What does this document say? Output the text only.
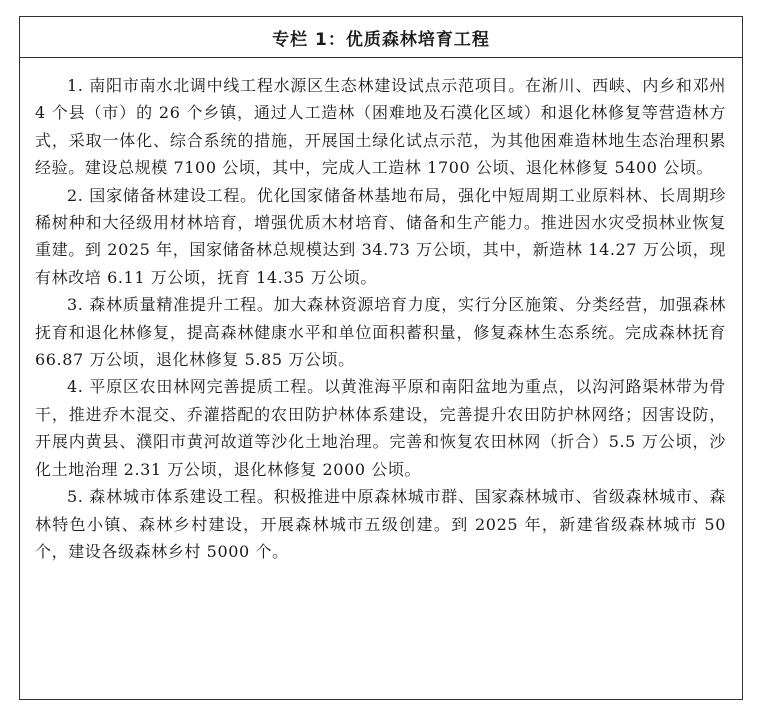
专栏 1：优质森林培育工程

1. 南阳市南水北调中线工程水源区生态林建设试点示范项目。在淅川、西峡、内乡和邓州 4 个县（市）的 26 个乡镇，通过人工造林（困难地及石漠化区域）和退化林修复等营造林方式，采取一体化、综合系统的措施，开展国土绿化试点示范，为其他困难造林地生态治理积累经验。建设总规模 7100 公顷，其中，完成人工造林 1700 公顷、退化林修复 5400 公顷。

2. 国家储备林建设工程。优化国家储备林基地布局，强化中短周期工业原料林、长周期珍稀树种和大径级用材林培育，增强优质木材培育、储备和生产能力。推进因水灾受损林业恢复重建。到 2025 年，国家储备林总规模达到 34.73 万公顷，其中，新造林 14.27 万公顷，现有林改培 6.11 万公顷，抚育 14.35 万公顷。

3. 森林质量精准提升工程。加大森林资源培育力度，实行分区施策、分类经营，加强森林抚育和退化林修复，提高森林健康水平和单位面积蓄积量，修复森林生态系统。完成森林抚育 66.87 万公顷，退化林修复 5.85 万公顷。

4. 平原区农田林网完善提质工程。以黄淮海平原和南阳盆地为重点，以沟河路渠林带为骨干，推进乔木混交、乔灌搭配的农田防护林体系建设，完善提升农田防护林网络；因害设防，开展内黄县、濮阳市黄河故道等沙化土地治理。完善和恢复农田林网（折合）5.5 万公顷，沙化土地治理 2.31 万公顷，退化林修复 2000 公顷。

5. 森林城市体系建设工程。积极推进中原森林城市群、国家森林城市、省级森林城市、森林特色小镇、森林乡村建设，开展森林城市五级创建。到 2025 年，新建省级森林城市 50 个，建设各级森林乡村 5000 个。
